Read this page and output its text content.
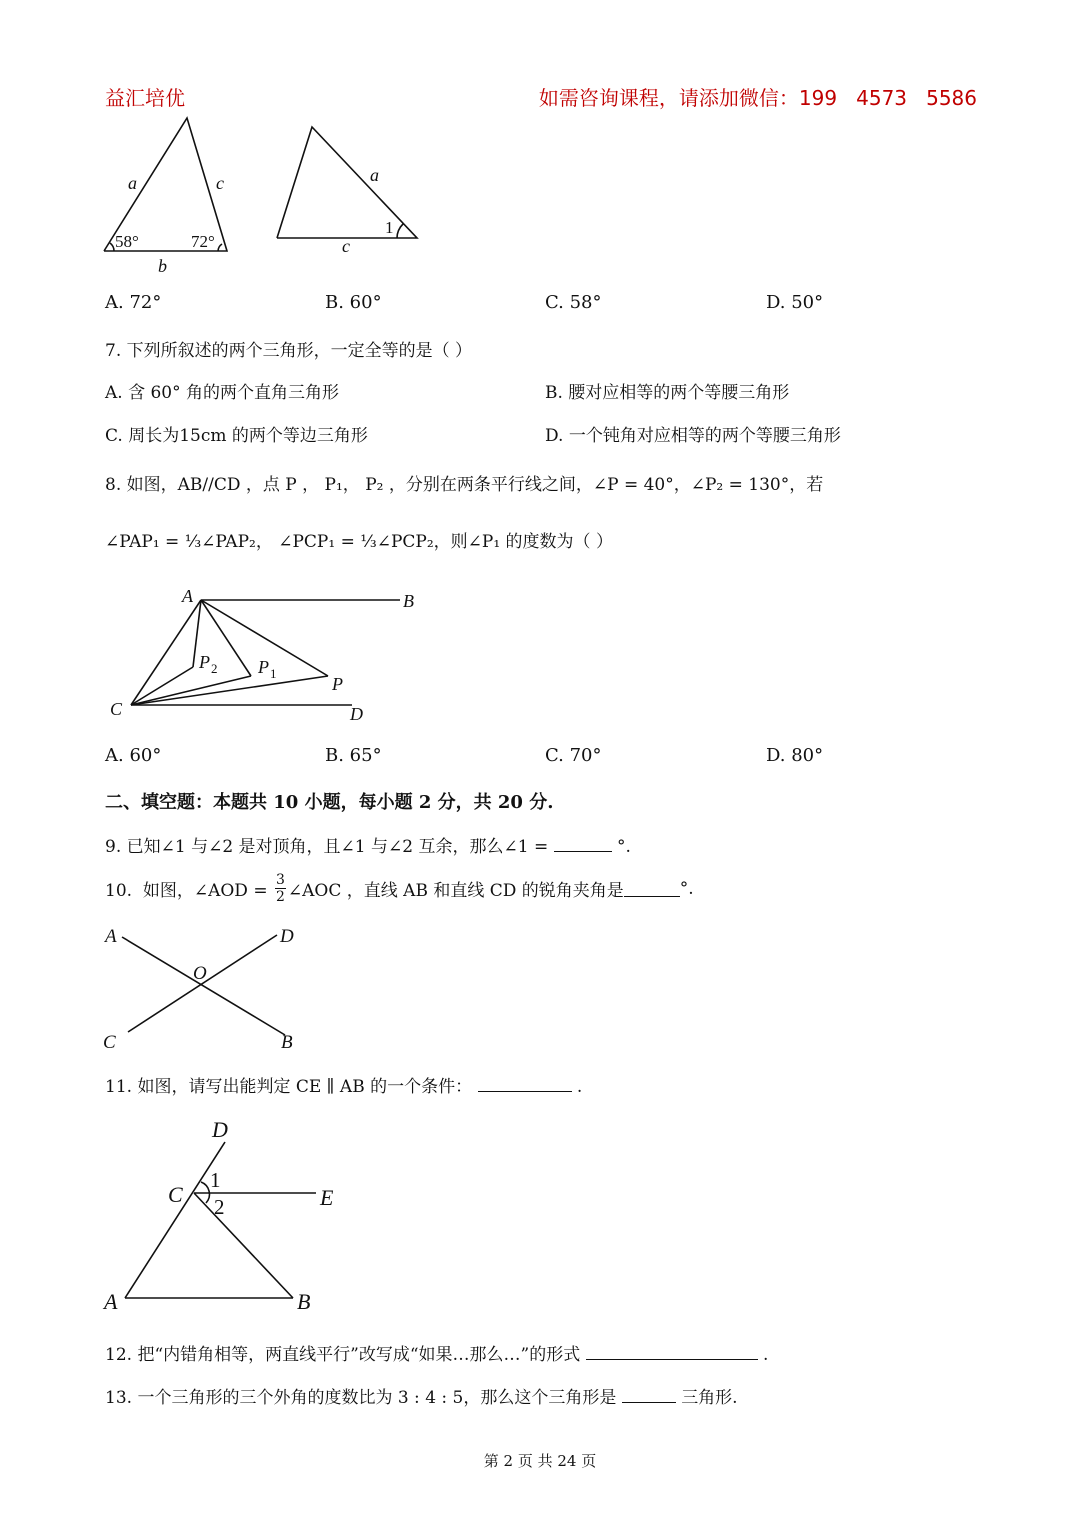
益汇培优	如需咨询课程，请添加微信：199   4573   5586
a	c
b
58°	72°
a
c
1
A. 72°	B. 60°	C. 58°	D. 50°
7. 下列所叙述的两个三角形，一定全等的是（ ）
A. 含 60° 角的两个直角三角形	B. 腰对应相等的两个等腰三角形
C. 周长为15cm 的两个等边三角形	D. 一个钝角对应相等的两个等腰三角形
8. 如图，AB//CD ，点 P ， P₁， P₂ ，分别在两条平行线之间，∠P = 40°，∠P₂ = 130°，若
∠PAP₁ = ⅓∠PAP₂， ∠PCP₁ = ⅓∠PCP₂，则∠P₁ 的度数为（ ）
A	B
C	D
P
P 1
P 2
A. 60°	B. 65°	C. 70°	D. 80°
二、填空题：本题共 10 小题，每小题 2 分，共 20 分.
9. 已知∠1 与∠2 是对顶角，且∠1 与∠2 互余，那么∠1 =	°.
10.  如图，∠AOD = $\frac{3}{2}$ ∠AOC ，直线 AB 和直线 CD 的锐角夹角是	°.
A	D
O
C	B
11. 如图，请写出能判定 CE ∥ AB 的一个条件：	.
D
C	E
1
2
A	B
12. 把“内错角相等，两直线平行”改写成“如果…那么…”的形式	.
13. 一个三角形的三个外角的度数比为 3 : 4 : 5，那么这个三角形是	三角形.
第 2 页 共 24 页
